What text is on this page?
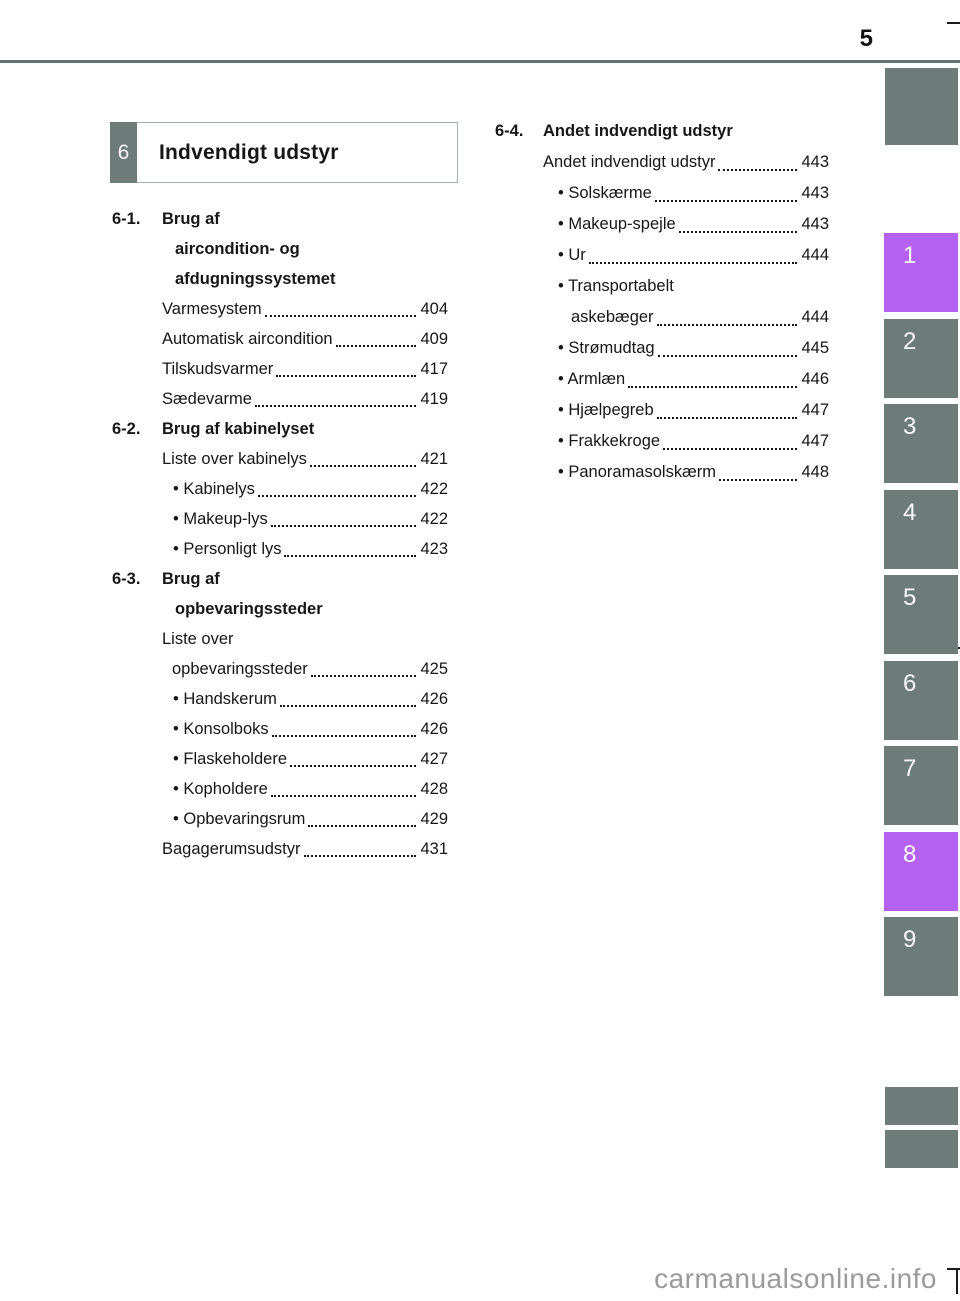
5
6	Indvendigt udstyr
6-1.	Brug af
aircondition- og
afdugningssystemet
Varmesystem	404
Automatisk aircondition	409
Tilskudsvarmer	417
Sædevarme	419
6-2.	Brug af kabinelyset
Liste over kabinelys	421
• Kabinelys	422
• Makeup-lys	422
• Personligt lys	423
6-3.	Brug af
opbevaringssteder
Liste over
opbevaringssteder	425
• Handskerum	426
• Konsolboks	426
• Flaskeholdere	427
• Kopholdere	428
• Opbevaringsrum	429
Bagagerumsudstyr	431
6-4.	Andet indvendigt udstyr
Andet indvendigt udstyr	443
• Solskærme	443
• Makeup-spejle	443
• Ur	444
• Transportabelt
askebæger	444
• Strømudtag	445
• Armlæn	446
• Hjælpegreb	447
• Frakkekroge	447
• Panoramasolskærm	448
1
2
3
4
5
6
7
8
9
carmanualsonline.info
